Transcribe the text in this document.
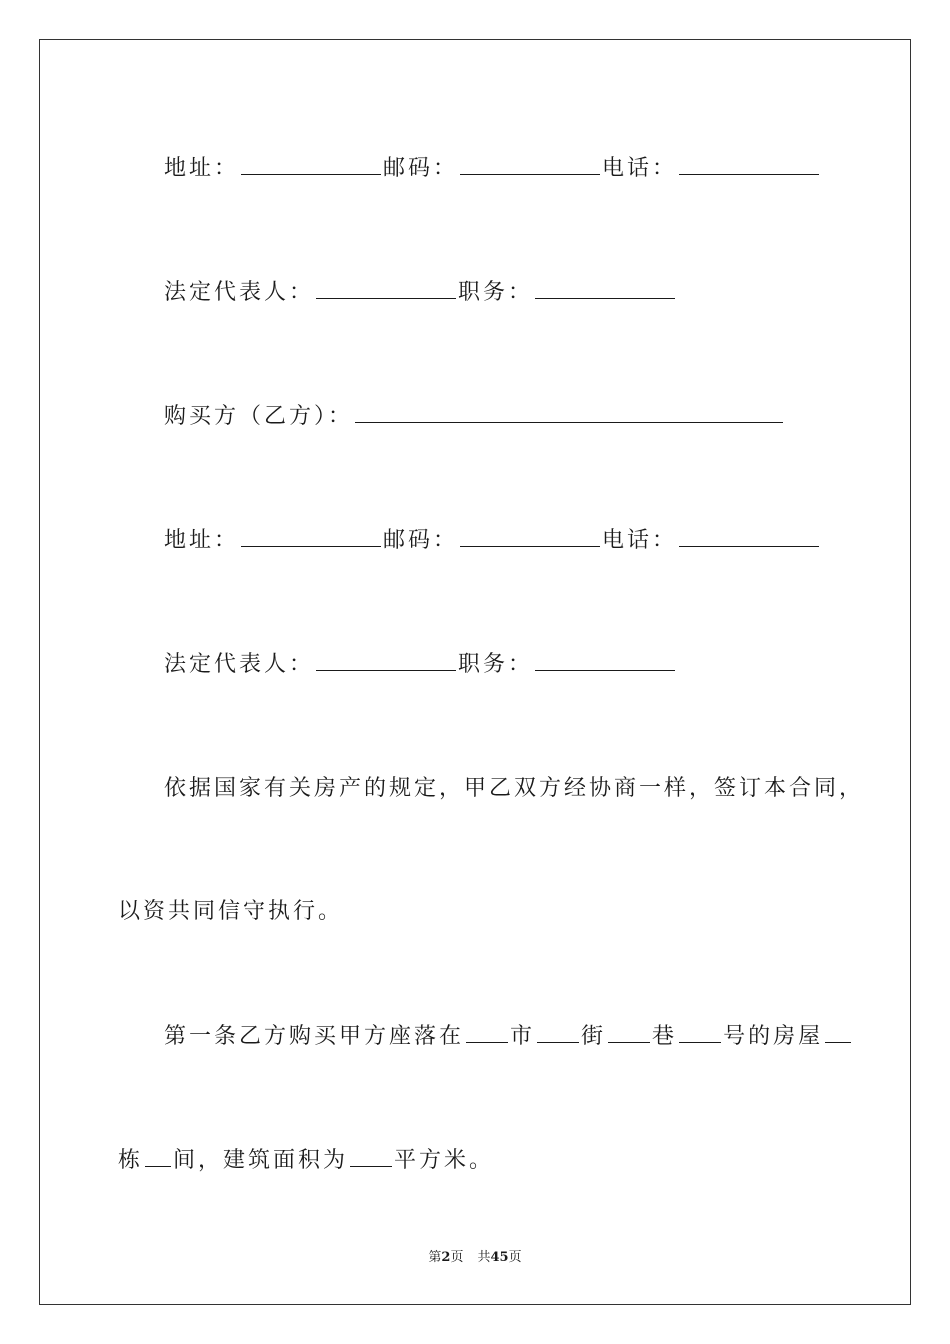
地址：	邮码：	电话：
法定代表人：	职务：
购买方（乙方）：
地址：	邮码：	电话：
法定代表人：	职务：
依据国家有关房产的规定，甲乙双方经协商一样，签订本合同，
以资共同信守执行。
第一条乙方购买甲方座落在 市 街 巷 号的房屋
栋 间，建筑面积为 平方米。
第2页 共45页
